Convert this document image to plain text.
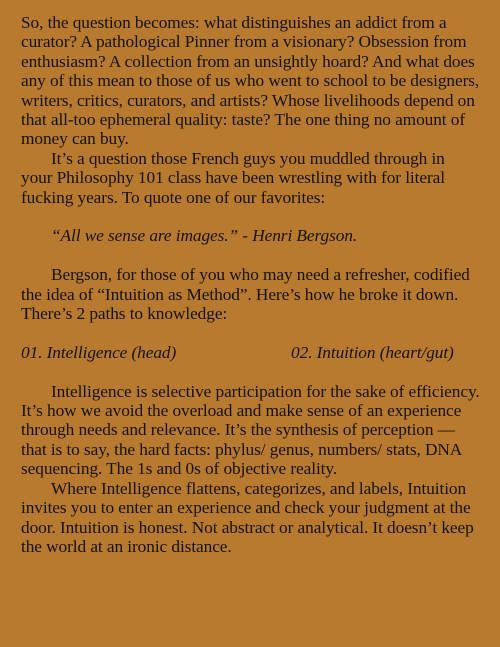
So, the question becomes: what distinguishes an addict from a curator? A pathological Pinner from a visionary? Obsession from enthusiasm? A collection from an unsightly hoard? And what does any of this mean to those of us who went to school to be designers, writers, critics, curators, and artists? Whose livelihoods depend on that all-too ephemeral quality: taste? The one thing no amount of money can buy.

It’s a question those French guys you muddled through in your Philosophy 101 class have been wrestling with for literal fucking years. To quote one of our favorites:

“All we sense are images.” - Henri Bergson.

Bergson, for those of you who may need a refresher, codified the idea of “Intuition as Method”. Here’s how he broke it down. There’s 2 paths to knowledge:

01. Intelligence (head)	02. Intuition (heart/gut)

Intelligence is selective participation for the sake of efficiency. It’s how we avoid the overload and make sense of an experience through needs and relevance. It’s the synthesis of perception — that is to say, the hard facts: phylus/ genus, numbers/ stats, DNA sequencing. The 1s and 0s of objective reality.

Where Intelligence flattens, categorizes, and labels, Intuition invites you to enter an experience and check your judgment at the door. Intuition is honest. Not abstract or analytical. It doesn’t keep the world at an ironic distance.
